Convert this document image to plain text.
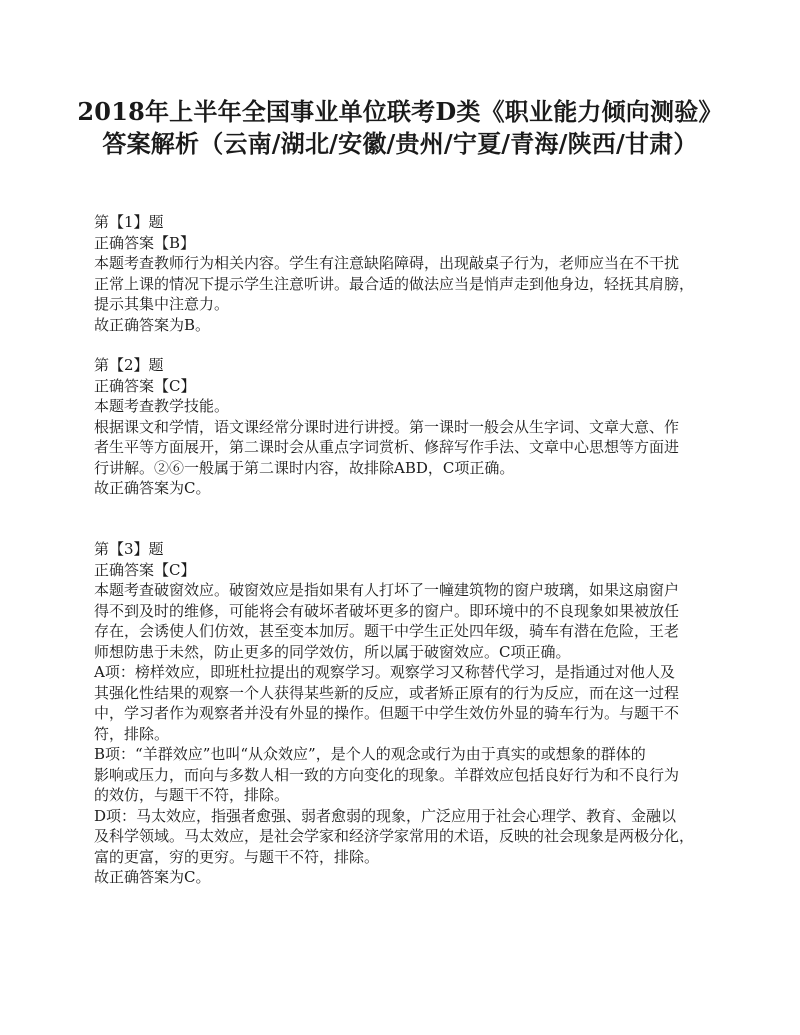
2018年上半年全国事业单位联考D类《职业能力倾向测验》
答案解析（云南/湖北/安徽/贵州/宁夏/青海/陕西/甘肃）
第【1】题
正确答案【B】
本题考查教师行为相关内容。学生有注意缺陷障碍，出现敲桌子行为，老师应当在不干扰
正常上课的情况下提示学生注意听讲。最合适的做法应当是悄声走到他身边，轻抚其肩膀，
提示其集中注意力。
故正确答案为B。
第【2】题
正确答案【C】
本题考查教学技能。
根据课文和学情，语文课经常分课时进行讲授。第一课时一般会从生字词、文章大意、作
者生平等方面展开，第二课时会从重点字词赏析、修辞写作手法、文章中心思想等方面进
行讲解。②⑥一般属于第二课时内容，故排除ABD，C项正确。
故正确答案为C。
第【3】题
正确答案【C】
本题考查破窗效应。破窗效应是指如果有人打坏了一幢建筑物的窗户玻璃，如果这扇窗户
得不到及时的维修，可能将会有破坏者破坏更多的窗户。即环境中的不良现象如果被放任
存在，会诱使人们仿效，甚至变本加厉。题干中学生正处四年级，骑车有潜在危险，王老
师想防患于未然，防止更多的同学效仿，所以属于破窗效应。C项正确。
A项：榜样效应，即班杜拉提出的观察学习。观察学习又称替代学习，是指通过对他人及
其强化性结果的观察一个人获得某些新的反应，或者矫正原有的行为反应，而在这一过程
中，学习者作为观察者并没有外显的操作。但题干中学生效仿外显的骑车行为。与题干不
符，排除。
B项：“羊群效应”也叫“从众效应”，是个人的观念或行为由于真实的或想象的群体的
影响或压力，而向与多数人相一致的方向变化的现象。羊群效应包括良好行为和不良行为
的效仿，与题干不符，排除。
D项：马太效应，指强者愈强、弱者愈弱的现象，广泛应用于社会心理学、教育、金融以
及科学领域。马太效应，是社会学家和经济学家常用的术语，反映的社会现象是两极分化，
富的更富，穷的更穷。与题干不符，排除。
故正确答案为C。
